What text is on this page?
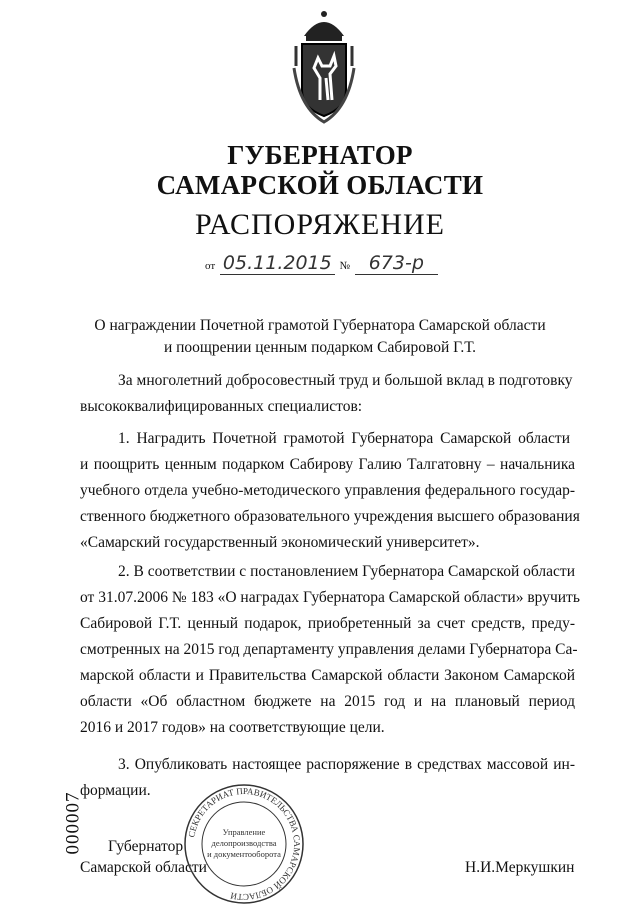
ГУБЕРНАТОР
САМАРСКОЙ ОБЛАСТИ
РАСПОРЯЖЕНИЕ
от 05.11.2015 № 673-р
О награждении Почетной грамотой Губернатора Самарской области
и поощрении ценным подарком Сабировой Г.Т.
За многолетний добросовестный труд и большой вклад в подготовку
высококвалифицированных специалистов:
1. Наградить Почетной грамотой Губернатора Самарской области
и поощрить ценным подарком Сабирову Галию Талгатовну – начальника
учебного отдела учебно-методического управления федерального государ-
ственного бюджетного образовательного учреждения высшего образования
«Самарский государственный экономический университет».
2. В соответствии с постановлением Губернатора Самарской области
от 31.07.2006 № 183 «О наградах Губернатора Самарской области» вручить
Сабировой Г.Т. ценный подарок, приобретенный за счет средств, преду-
смотренных на 2015 год департаменту управления делами Губернатора Са-
марской области и Правительства Самарской области Законом Самарской
области «Об областном бюджете на 2015 год и на плановый период
2016 и 2017 годов» на соответствующие цели.
3. Опубликовать настоящее распоряжение в средствах массовой ин-
формации.
000007 Губернатор
Самарской области	Н.И.Меркушкин
СЕКРЕТАРИАТ ПРАВИТЕЛЬСТВА САМАРСКОЙ ОБЛАСТИ
Управление
делопроизводства
и документооборота
